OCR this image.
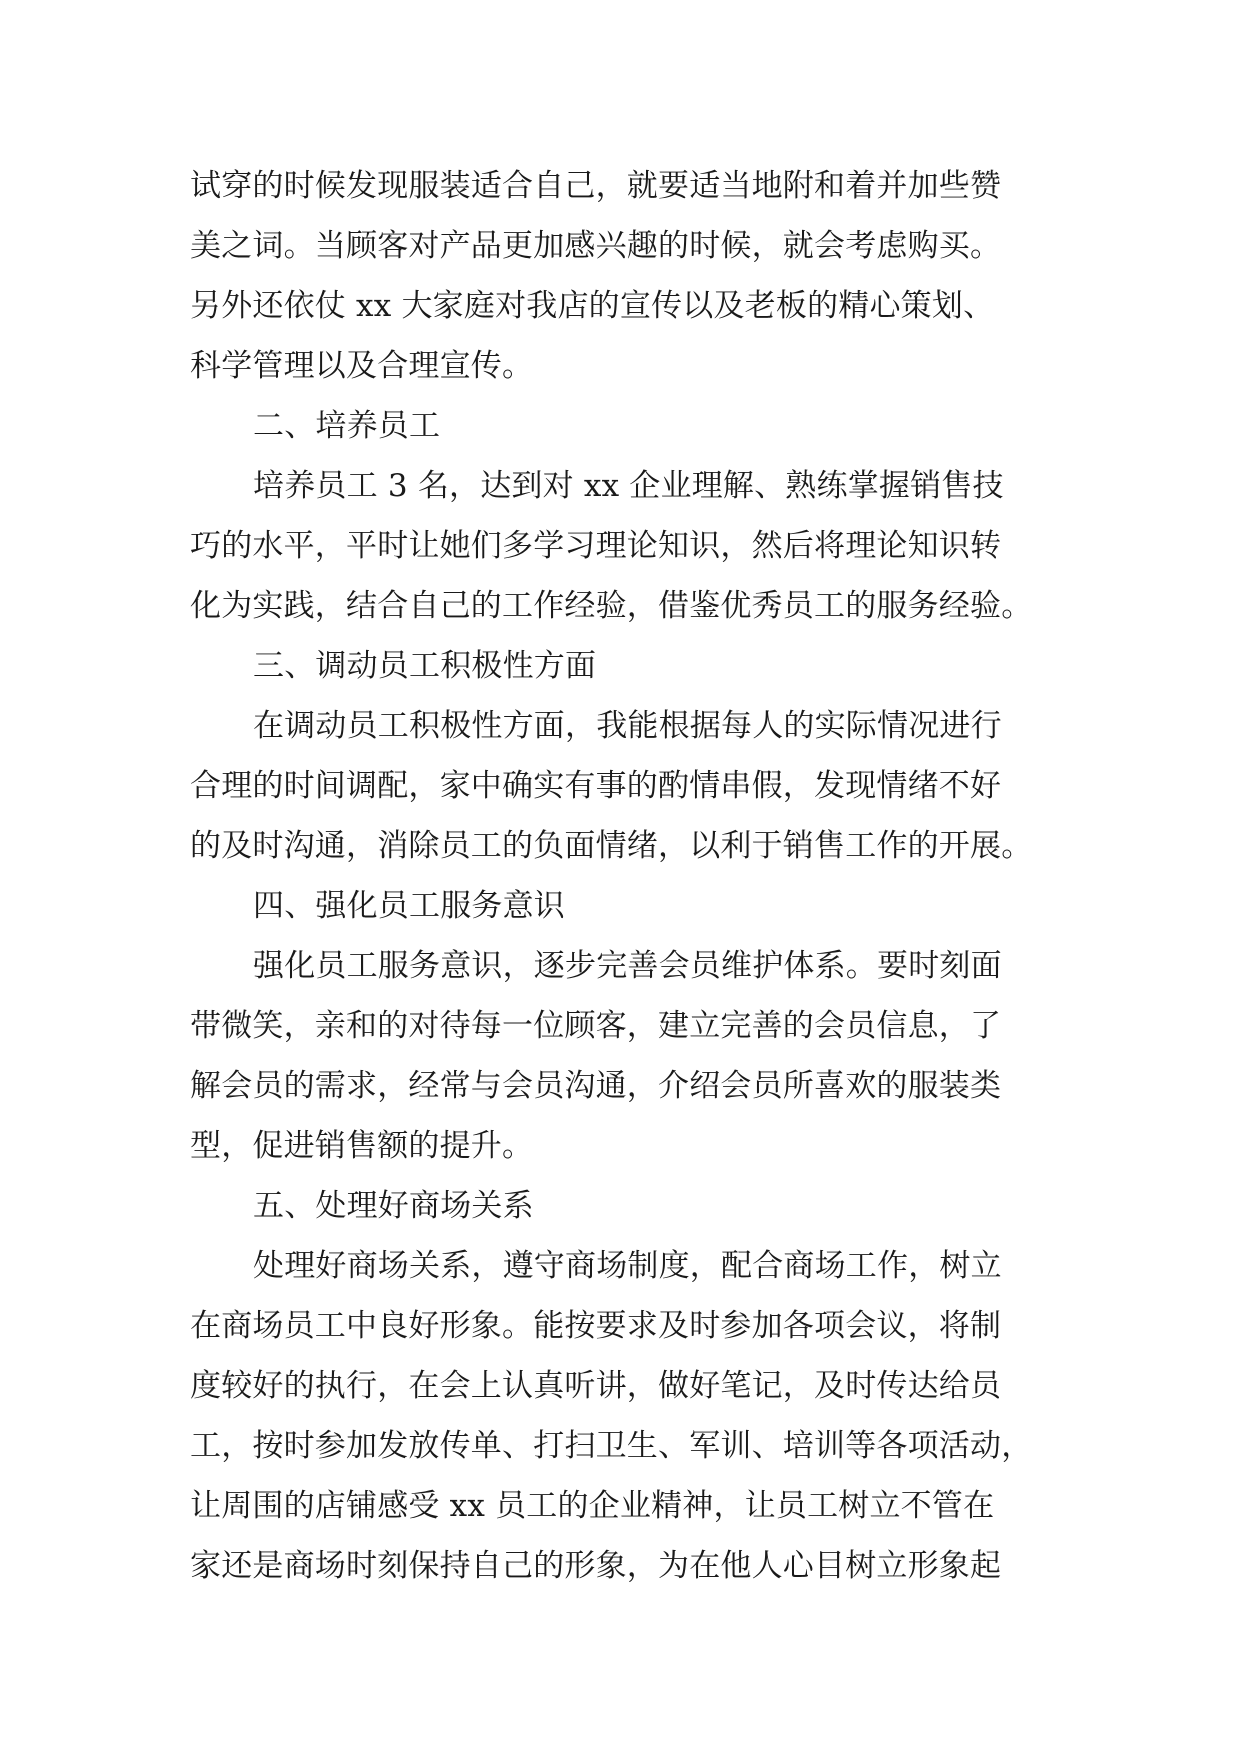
试穿的时候发现服装适合自己，就要适当地附和着并加些赞
美之词。当顾客对产品更加感兴趣的时候，就会考虑购买。
另外还依仗 xx 大家庭对我店的宣传以及老板的精心策划、
科学管理以及合理宣传。
二、培养员工
培养员工 3 名，达到对 xx 企业理解、熟练掌握销售技
巧的水平，平时让她们多学习理论知识，然后将理论知识转
化为实践，结合自己的工作经验，借鉴优秀员工的服务经验。
三、调动员工积极性方面
在调动员工积极性方面，我能根据每人的实际情况进行
合理的时间调配，家中确实有事的酌情串假，发现情绪不好
的及时沟通，消除员工的负面情绪，以利于销售工作的开展。
四、强化员工服务意识
强化员工服务意识，逐步完善会员维护体系。要时刻面
带微笑，亲和的对待每一位顾客，建立完善的会员信息，了
解会员的需求，经常与会员沟通，介绍会员所喜欢的服装类
型，促进销售额的提升。
五、处理好商场关系
处理好商场关系，遵守商场制度，配合商场工作，树立
在商场员工中良好形象。能按要求及时参加各项会议，将制
度较好的执行，在会上认真听讲，做好笔记，及时传达给员
工，按时参加发放传单、打扫卫生、军训、培训等各项活动，
让周围的店铺感受 xx 员工的企业精神，让员工树立不管在
家还是商场时刻保持自己的形象，为在他人心目树立形象起
